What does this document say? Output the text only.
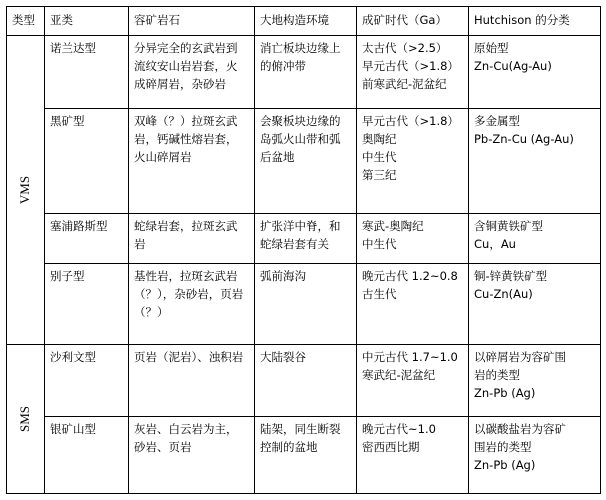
类型	亚类	容矿岩石	大地构造环境	成矿时代（Ga）	Hutchison 的分类
VMS	诺兰达型	分异完全的玄武岩到
流纹安山岩岩套，火
成碎屑岩，杂砂岩	消亡板块边缘上
的俯冲带	太古代（>2.5）
早元古代（>1.8）
前寒武纪-泥盆纪	原始型
Zn-Cu(Ag-Au)

	黑矿型	双峰（？）拉斑玄武
岩，钙碱性熔岩套，
火山碎屑岩	会聚板块边缘的
岛弧火山带和弧
后盆地	早元古代（>1.8）
奥陶纪
中生代
第三纪	多金属型
Pb-Zn-Cu (Ag-Au)

	塞浦路斯型	蛇绿岩套，拉斑玄武
岩	扩张洋中脊，和
蛇绿岩套有关	寒武-奥陶纪
中生代	含铜黄铁矿型
Cu，Au

	别子型	基性岩，拉斑玄武岩
（？），杂砂岩，页岩
（？）	弧前海沟	晚元古代 1.2~0.8
古生代	铜-锌黄铁矿型
Cu-Zn(Au)

SMS	沙利文型	页岩（泥岩）、浊积岩	大陆裂谷	中元古代 1.7~1.0
寒武纪-泥盆纪	以碎屑岩为容矿围
岩的类型
Zn-Pb (Ag)

	银矿山型	灰岩、白云岩为主，
砂岩、页岩	陆架，同生断裂
控制的盆地	晚元古代~1.0
密西西比期	以碳酸盐岩为容矿
围岩的类型
Zn-Pb (Ag)
